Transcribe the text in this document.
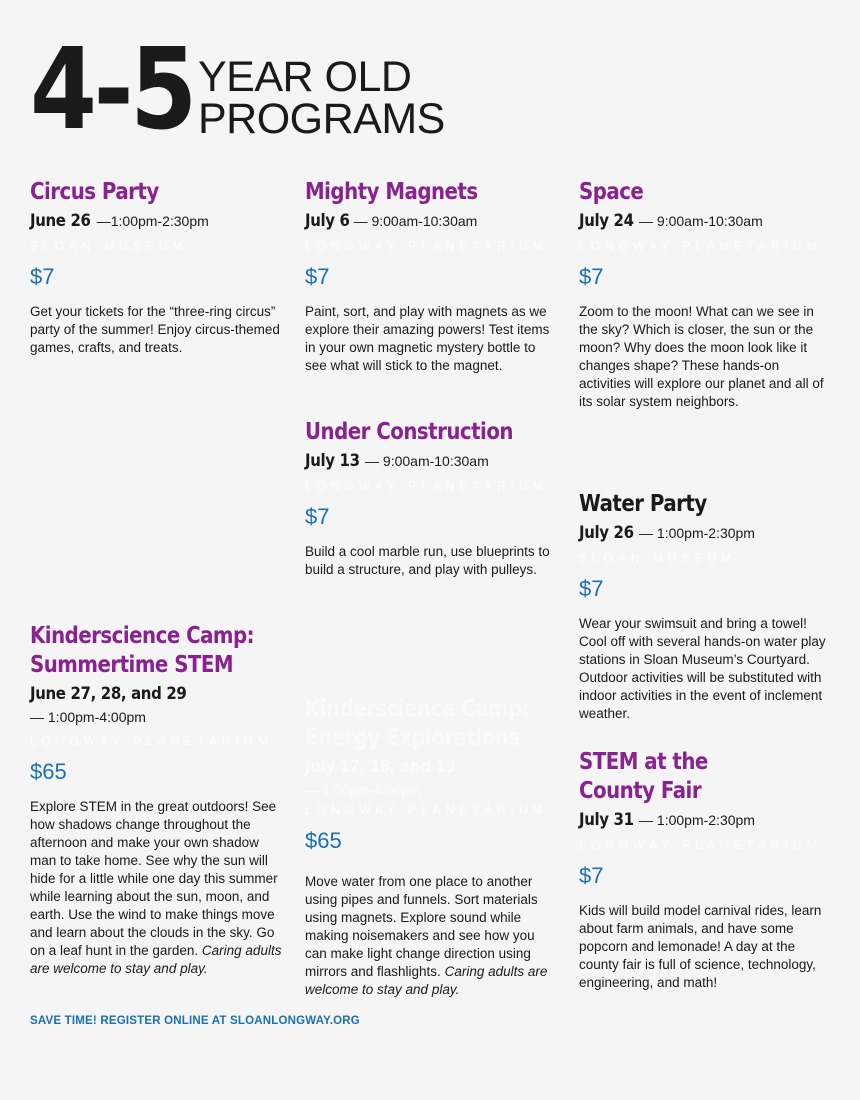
4-5 YEAR OLD
PROGRAMS
Circus Party
June 26 —1:00pm-2:30pm
SLOAN MUSEUM
$7
Get your tickets for the “three-ring circus” party of the summer! Enjoy circus-themed games, crafts, and treats.
Kinderscience Camp:
Summertime STEM
June 27, 28, and 29
— 1:00pm-4:00pm
LONGWAY PLANETARIUM
$65
Explore STEM in the great outdoors! See how shadows change throughout the afternoon and make your own shadow man to take home. See why the sun will hide for a little while one day this summer while learning about the sun, moon, and earth. Use the wind to make things move and learn about the clouds in the sky. Go on a leaf hunt in the garden. Caring adults are welcome to stay and play.
Mighty Magnets
July 6 — 9:00am-10:30am
LONGWAY PLANETARIUM
$7
Paint, sort, and play with magnets as we explore their amazing powers! Test items in your own magnetic mystery bottle to see what will stick to the magnet.
Under Construction
July 13 — 9:00am-10:30am
LONGWAY PLANETARIUM
$7
Build a cool marble run, use blueprints to build a structure, and play with pulleys.
Kinderscience Camp:
Energy Explorations
July 17, 18, and 19
— 1:00pm-4:00pm
LONGWAY PLANETARIUM
$65
Move water from one place to another using pipes and funnels. Sort materials using magnets. Explore sound while making noisemakers and see how you can make light change direction using mirrors and flashlights. Caring adults are welcome to stay and play.
Space
July 24 — 9:00am-10:30am
LONGWAY PLANETARIUM
$7
Zoom to the moon! What can we see in the sky? Which is closer, the sun or the moon? Why does the moon look like it changes shape? These hands-on activities will explore our planet and all of its solar system neighbors.
Water Party
July 26 — 1:00pm-2:30pm
SLOAN MUSEUM
$7
Wear your swimsuit and bring a towel! Cool off with several hands-on water play stations in Sloan Museum’s Courtyard. Outdoor activities will be substituted with indoor activities in the event of inclement weather.
STEM at the
County Fair
July 31 — 1:00pm-2:30pm
LONGWAY PLANETARIUM
$7
Kids will build model carnival rides, learn about farm animals, and have some popcorn and lemonade! A day at the county fair is full of science, technology, engineering, and math!
SAVE TIME! REGISTER ONLINE AT SLOANLONGWAY.ORG
